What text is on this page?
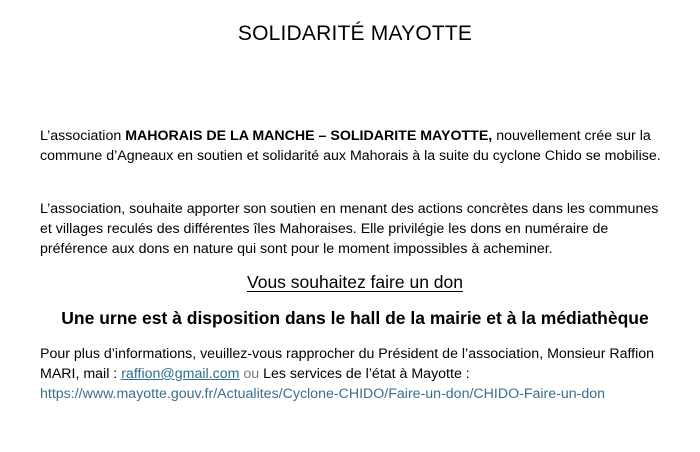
SOLIDARITÉ MAYOTTE
L’association MAHORAIS DE LA MANCHE – SOLIDARITE MAYOTTE, nouvellement crée sur la commune d’Agneaux en soutien et solidarité aux Mahorais à la suite du cyclone Chido se mobilise.
L’association, souhaite apporter son soutien en menant des actions concrètes dans les communes et villages reculés des différentes îles Mahoraises. Elle privilégie les dons en numéraire de préférence aux dons en nature qui sont pour le moment impossibles à acheminer.
Vous souhaitez faire un don
Une urne est à disposition dans le hall de la mairie et à la médiathèque
Pour plus d’informations, veuillez-vous rapprocher du Président de l’association, Monsieur Raffion MARI, mail : raffion@gmail.com ou Les services de l’état à Mayotte : https://www.mayotte.gouv.fr/Actualites/Cyclone-CHIDO/Faire-un-don/CHIDO-Faire-un-don
